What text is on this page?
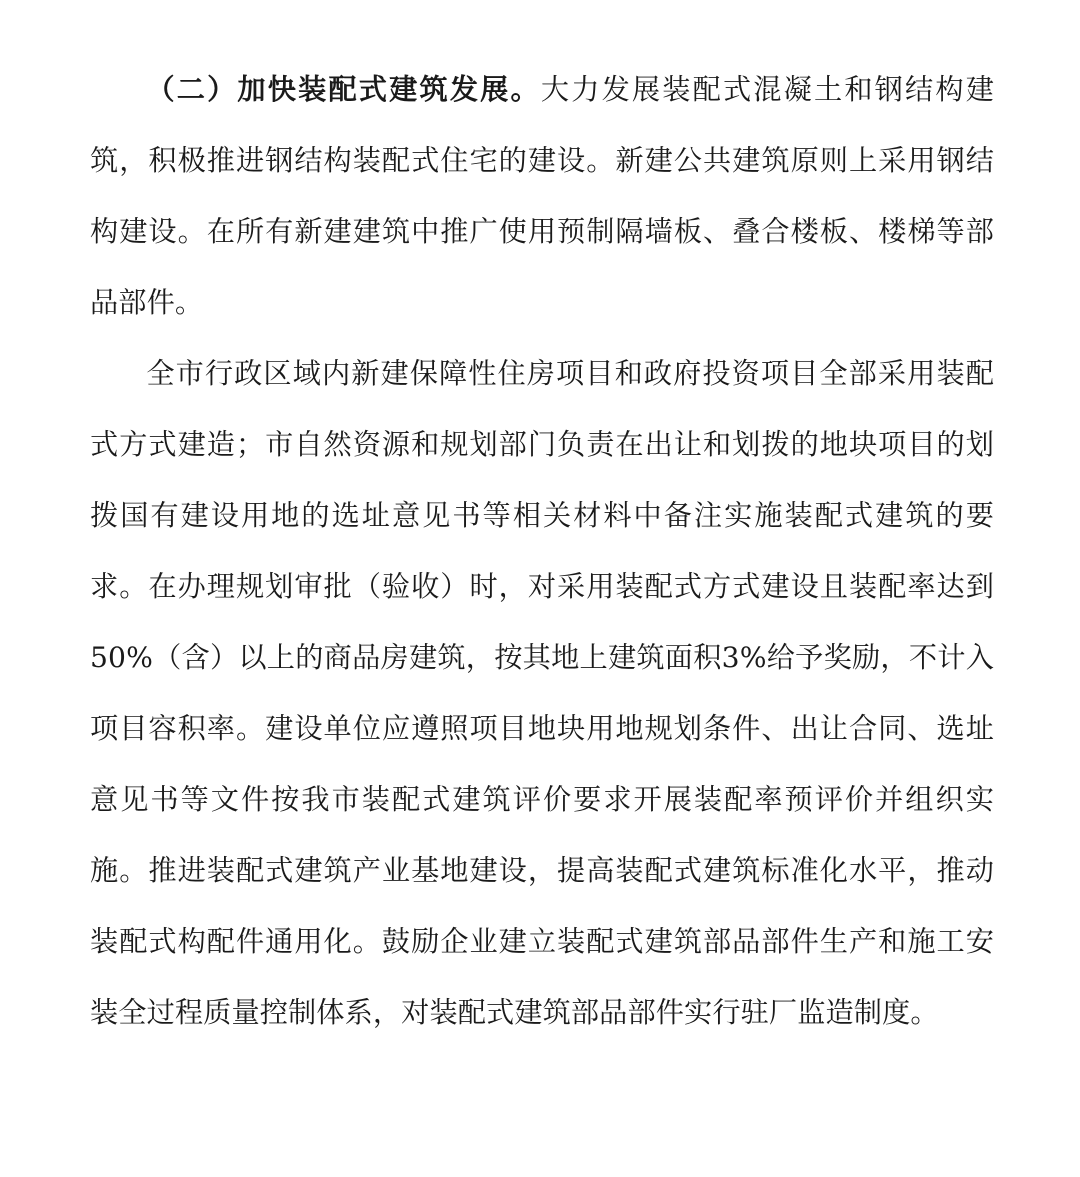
（二）加快装配式建筑发展。大力发展装配式混凝土和钢结构建筑，积极推进钢结构装配式住宅的建设。新建公共建筑原则上采用钢结构建设。在所有新建建筑中推广使用预制隔墙板、叠合楼板、楼梯等部品部件。

全市行政区域内新建保障性住房项目和政府投资项目全部采用装配式方式建造；市自然资源和规划部门负责在出让和划拨的地块项目的划拨国有建设用地的选址意见书等相关材料中备注实施装配式建筑的要求。在办理规划审批（验收）时，对采用装配式方式建设且装配率达到50%（含）以上的商品房建筑，按其地上建筑面积3%给予奖励，不计入项目容积率。建设单位应遵照项目地块用地规划条件、出让合同、选址意见书等文件按我市装配式建筑评价要求开展装配率预评价并组织实施。推进装配式建筑产业基地建设，提高装配式建筑标准化水平，推动装配式构配件通用化。鼓励企业建立装配式建筑部品部件生产和施工安装全过程质量控制体系，对装配式建筑部品部件实行驻厂监造制度。
